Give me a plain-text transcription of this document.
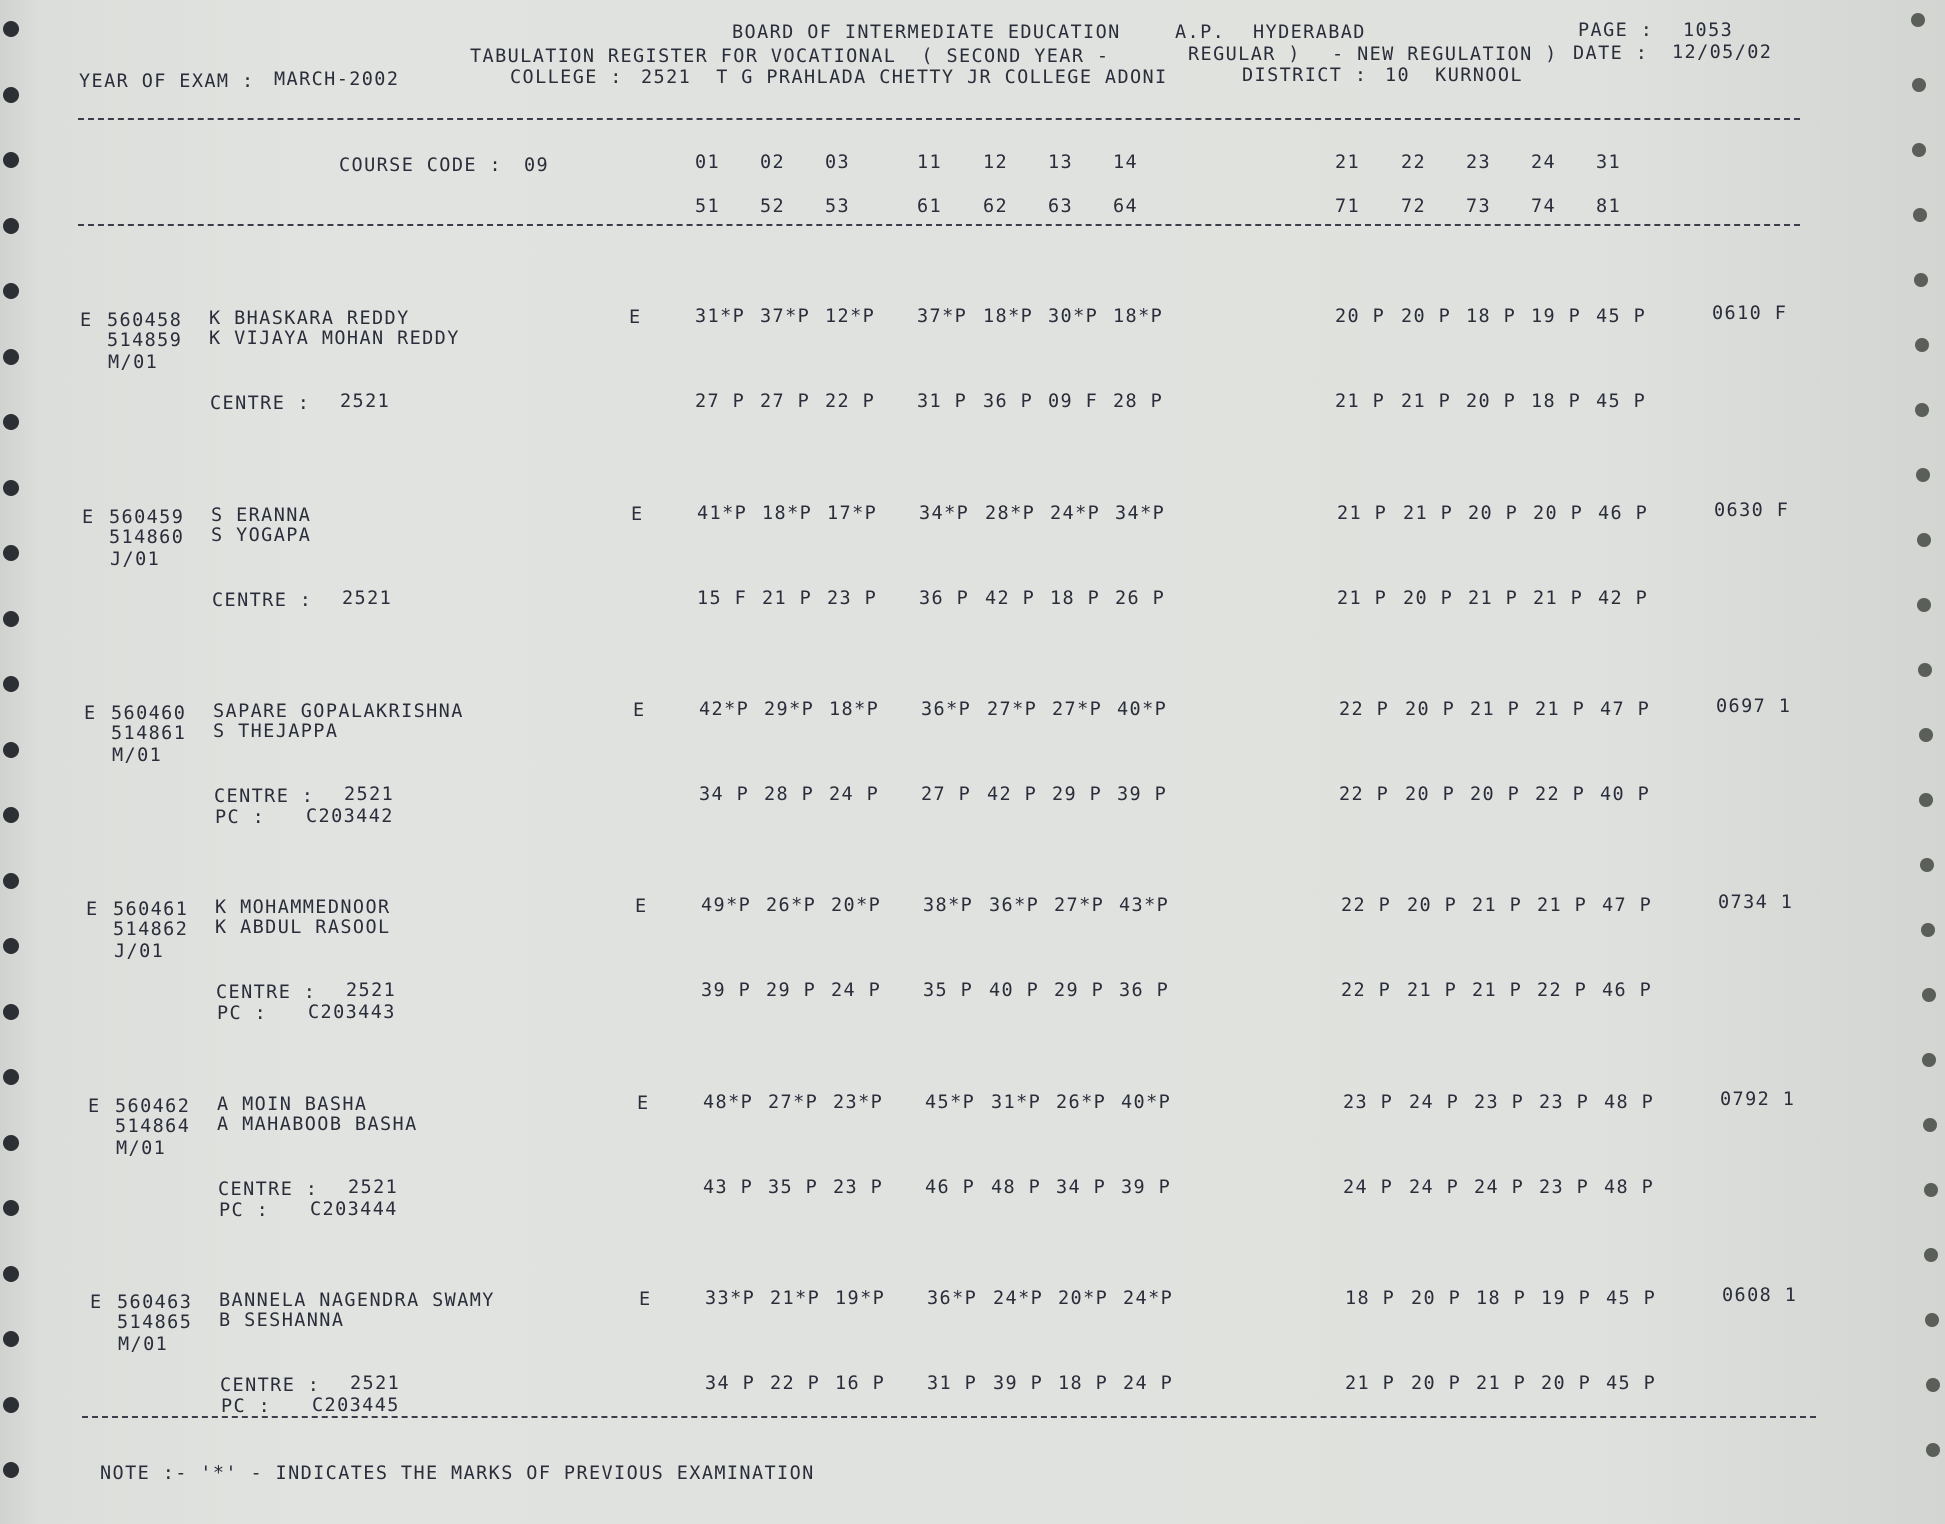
BOARD OF INTERMEDIATE EDUCATION	A.P. HYDERABAD	PAGE : 1053
TABULATION REGISTER FOR VOCATIONAL  ( SECOND YEAR -	REGULAR ) - NEW REGULATION ) DATE : 12/05/02
YEAR OF EXAM : MARCH-2002	COLLEGE : 2521  T G PRAHLADA CHETTY JR COLLEGE ADONI	DISTRICT : 10  KURNOOL
COURSE CODE : 09	01 02 03	11 12 13 14	21 22 23 24 31
51 52 53	61 62 63 64	71 72 73 74 81
E 560458 K BHASKARA REDDY
514859 K VIJAYA MOHAN REDDY
M/01
E	31*P 37*P 12*P 37*P 18*P 30*P 18*P	20 P 20 P 18 P 19 P 45 P	0610 F
CENTRE : 2521	27 P 27 P 22 P 31 P 36 P 09 F 28 P	21 P 21 P 20 P 18 P 45 P
E 560459 S ERANNA
514860 S YOGAPA
J/01
E	41*P 18*P 17*P 34*P 28*P 24*P 34*P	21 P 21 P 20 P 20 P 46 P	0630 F
CENTRE : 2521	15 F 21 P 23 P 36 P 42 P 18 P 26 P	21 P 20 P 21 P 21 P 42 P
E 560460 SAPARE GOPALAKRISHNA
514861 S THEJAPPA
M/01
E	42*P 29*P 18*P 36*P 27*P 27*P 40*P	22 P 20 P 21 P 21 P 47 P	0697 1
CENTRE : 2521
PC : C203442
34 P 28 P 24 P 27 P 42 P 29 P 39 P	22 P 20 P 20 P 22 P 40 P
E 560461 K MOHAMMEDNOOR
514862 K ABDUL RASOOL
J/01
E	49*P 26*P 20*P 38*P 36*P 27*P 43*P	22 P 20 P 21 P 21 P 47 P	0734 1
CENTRE : 2521
PC : C203443
39 P 29 P 24 P 35 P 40 P 29 P 36 P	22 P 21 P 21 P 22 P 46 P
E 560462 A MOIN BASHA
514864 A MAHABOOB BASHA
M/01
E	48*P 27*P 23*P 45*P 31*P 26*P 40*P	23 P 24 P 23 P 23 P 48 P	0792 1
CENTRE : 2521
PC : C203444
43 P 35 P 23 P 46 P 48 P 34 P 39 P	24 P 24 P 24 P 23 P 48 P
E 560463 BANNELA NAGENDRA SWAMY
514865 B SESHANNA
M/01
E	33*P 21*P 19*P 36*P 24*P 20*P 24*P	18 P 20 P 18 P 19 P 45 P	0608 1
CENTRE : 2521
PC : C203445
34 P 22 P 16 P 31 P 39 P 18 P 24 P	21 P 20 P 21 P 20 P 45 P
NOTE :- '*' - INDICATES THE MARKS OF PREVIOUS EXAMINATION
